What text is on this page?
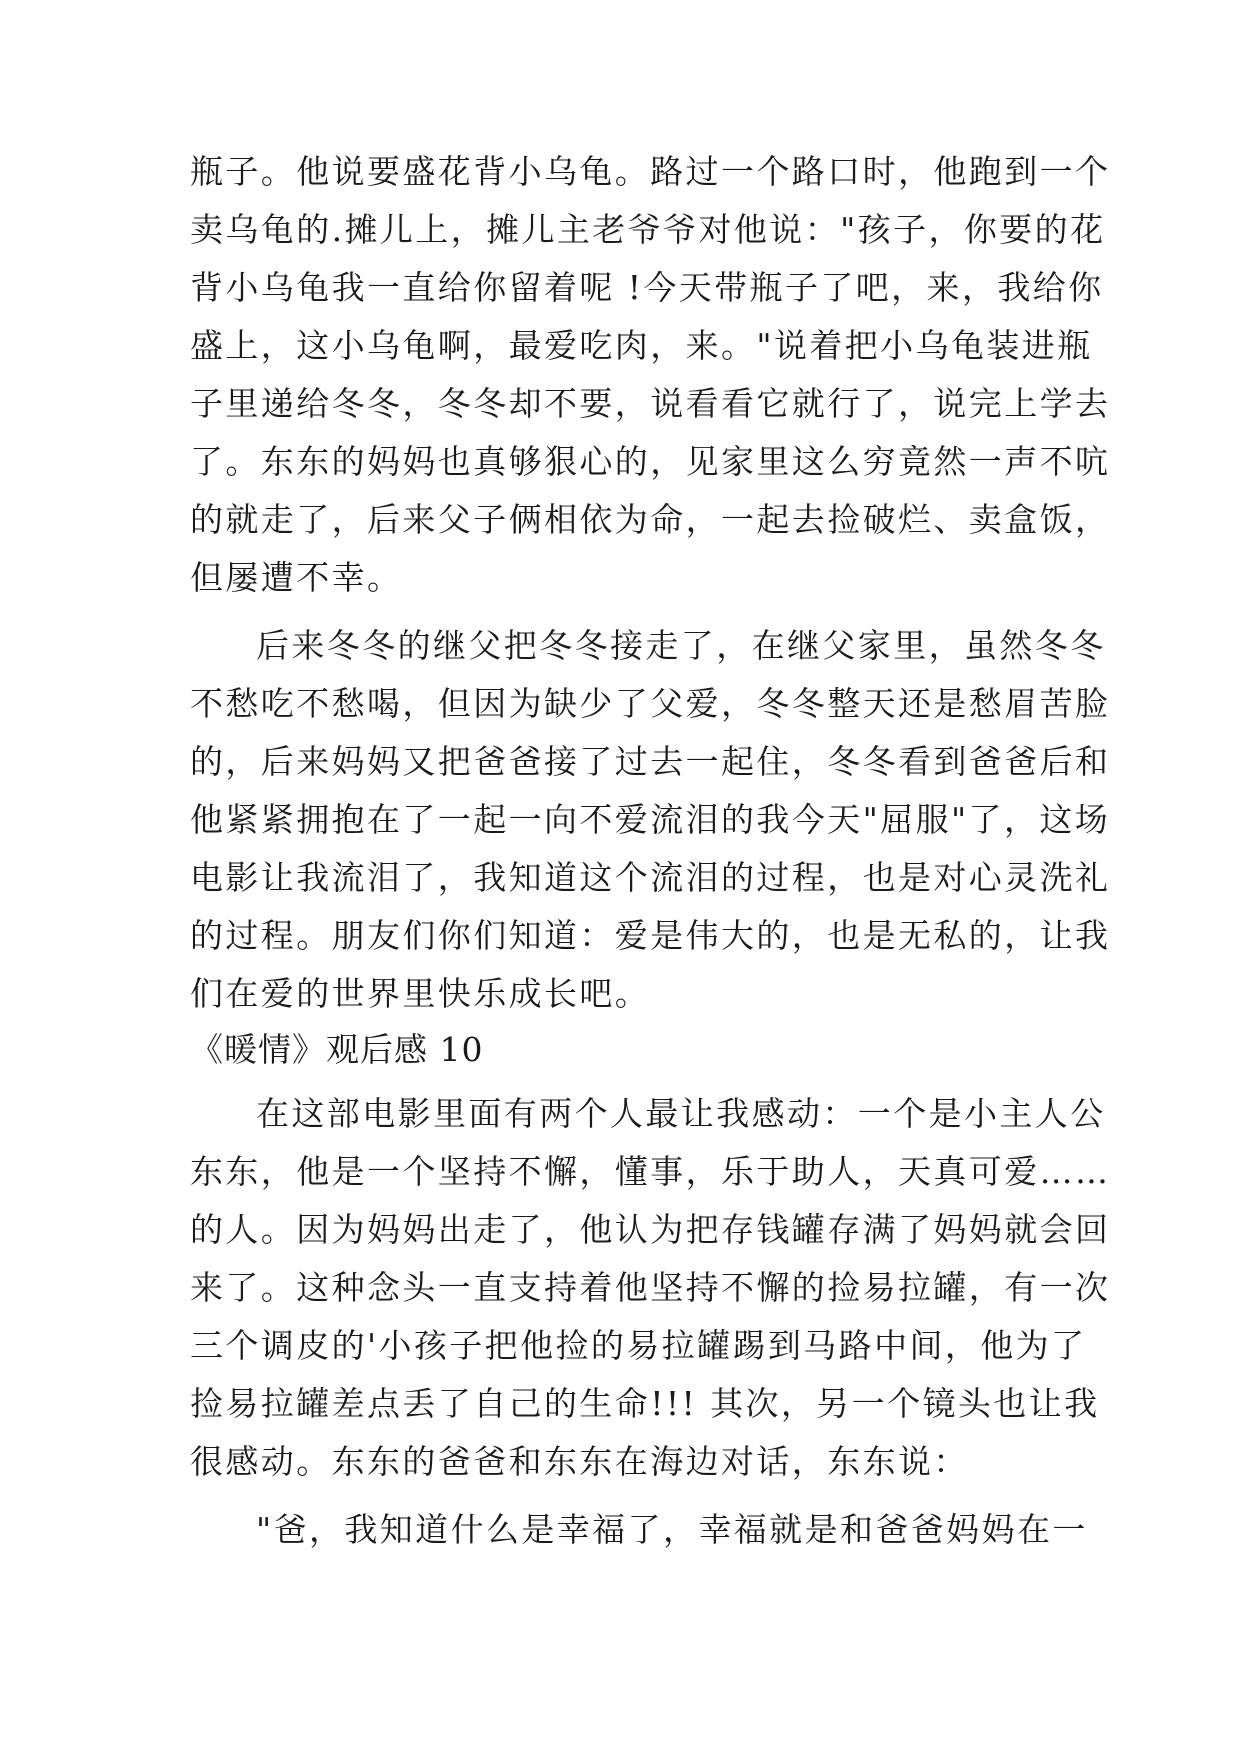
瓶子。他说要盛花背小乌龟。路过一个路口时，他跑到一个
卖乌龟的.摊儿上，摊儿主老爷爷对他说："孩子，你要的花
背小乌龟我一直给你留着呢 !今天带瓶子了吧，来，我给你
盛上，这小乌龟啊，最爱吃肉，来。"说着把小乌龟装进瓶
子里递给冬冬，冬冬却不要，说看看它就行了，说完上学去
了。东东的妈妈也真够狠心的，见家里这么穷竟然一声不吭
的就走了，后来父子俩相依为命，一起去捡破烂、卖盒饭，
但屡遭不幸。
后来冬冬的继父把冬冬接走了，在继父家里，虽然冬冬
不愁吃不愁喝，但因为缺少了父爱，冬冬整天还是愁眉苦脸
的，后来妈妈又把爸爸接了过去一起住，冬冬看到爸爸后和
他紧紧拥抱在了一起一向不爱流泪的我今天"屈服"了，这场
电影让我流泪了，我知道这个流泪的过程，也是对心灵洗礼
的过程。朋友们你们知道：爱是伟大的，也是无私的，让我
们在爱的世界里快乐成长吧。
《暖情》观后感 10
在这部电影里面有两个人最让我感动：一个是小主人公
东东，他是一个坚持不懈，懂事，乐于助人，天真可爱……
的人。因为妈妈出走了，他认为把存钱罐存满了妈妈就会回
来了。这种念头一直支持着他坚持不懈的捡易拉罐，有一次
三个调皮的'小孩子把他捡的易拉罐踢到马路中间，他为了
捡易拉罐差点丢了自己的生命!!! 其次，另一个镜头也让我
很感动。东东的爸爸和东东在海边对话，东东说：
"爸，我知道什么是幸福了，幸福就是和爸爸妈妈在一
